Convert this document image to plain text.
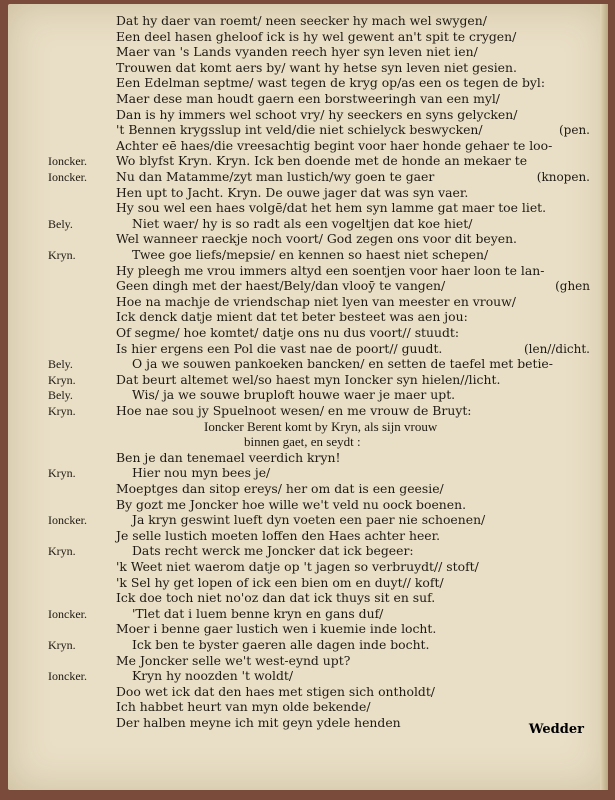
Dat hy daer van roemt/ neen seecker hy mach wel swygen/
Een deel hasen gheloof ick is hy wel gewent an't spit te crygen/
Maer van 's Lands vyanden reech hyer syn leven niet ien/
Trouwen dat komt aers by/ want hy hetse syn leven niet gesien.
Een Edelman septme/ wast tegen de kryg op/as een os tegen de byl:
Maer dese man houdt gaern een borstweeringh van een myl/
Dan is hy immers wel schoot vry/ hy seeckers en syns gelycken/
't Bennen krygsslup int veld/die niet schielyck beswycken/	(pen.
Achter eē haes/die vreesachtig begint voor haer honde gehaer te loo-
Ioncker.	Wo blyfst Kryn. Kryn. Ick ben doende met de honde an mekaer te
Ioncker.	Nu dan Matamme/zyt man lustich/wy goen te gaer	(knopen.
Hen upt to Jacht. Kryn. De ouwe jager dat was syn vaer.
Hy sou wel een haes volgē/dat het hem syn lamme gat maer toe liet.
Bely.	Niet waer/ hy is so radt als een vogeltjen dat koe hiet/
Wel wanneer raeckje noch voort/ God zegen ons voor dit beyen.
Kryn.	Twee goe liefs/mepsie/ en kennen so haest niet schepen/
Hy pleegh me vrou immers altyd een soentjen voor haer loon te lan-
Geen dingh met der haest/Bely/dan vlooȳ te vangen/	(ghen
Hoe na machje de vriendschap niet lyen van meester en vrouw/
Ick denck datje mient dat tet beter besteet was aen jou:
Of segme/ hoe komtet/ datje ons nu dus voort// stuudt:
Is hier ergens een Pol die vast nae de poort// guudt.	(len//dicht.
Bely.	O ja we souwen pankoeken bancken/ en setten de taefel met betie-
Kryn.	Dat beurt altemet wel/so haest myn Ioncker syn hielen//licht.
Bely.	Wis/ ja we souwe bruploft houwe waer je maer upt.
Kryn.	Hoe nae sou jy Spuelnoot wesen/ en me vrouw de Bruyt:
Ioncker Berent komt by Kryn, als sijn vrouw
binnen gaet, en seydt :
Ben je dan tenemael veerdich kryn!
Kryn.	Hier nou myn bees je/
Moeptges dan sitop ereys/ her om dat is een geesie/
By gozt me Joncker hoe wille we't veld nu oock boenen.
Ioncker.	Ja kryn geswint lueft dyn voeten een paer nie schoenen/
Je selle lustich moeten loffen den Haes achter heer.
Kryn.	Dats recht werck me Joncker dat ick begeer:
'k Weet niet waerom datje op 't jagen so verbruydt// stoft/
'k Sel hy get lopen of ick een bien om en duyt// koft/
Ick doe toch niet no'oz dan dat ick thuys sit en suf.
Ioncker.	'Tlet dat i luem benne kryn en gans duf/
Moer i benne gaer lustich wen i kuemie inde locht.
Kryn.	Ick ben te byster gaeren alle dagen inde bocht.
Me Joncker selle we't west-eynd upt?
Ioncker.	Kryn hy noozden 't woldt/
Doo wet ick dat den haes met stigen sich ontholdt/
Ich habbet heurt van myn olde bekende/
Der halben meyne ich mit geyn ydele henden	Wedder
